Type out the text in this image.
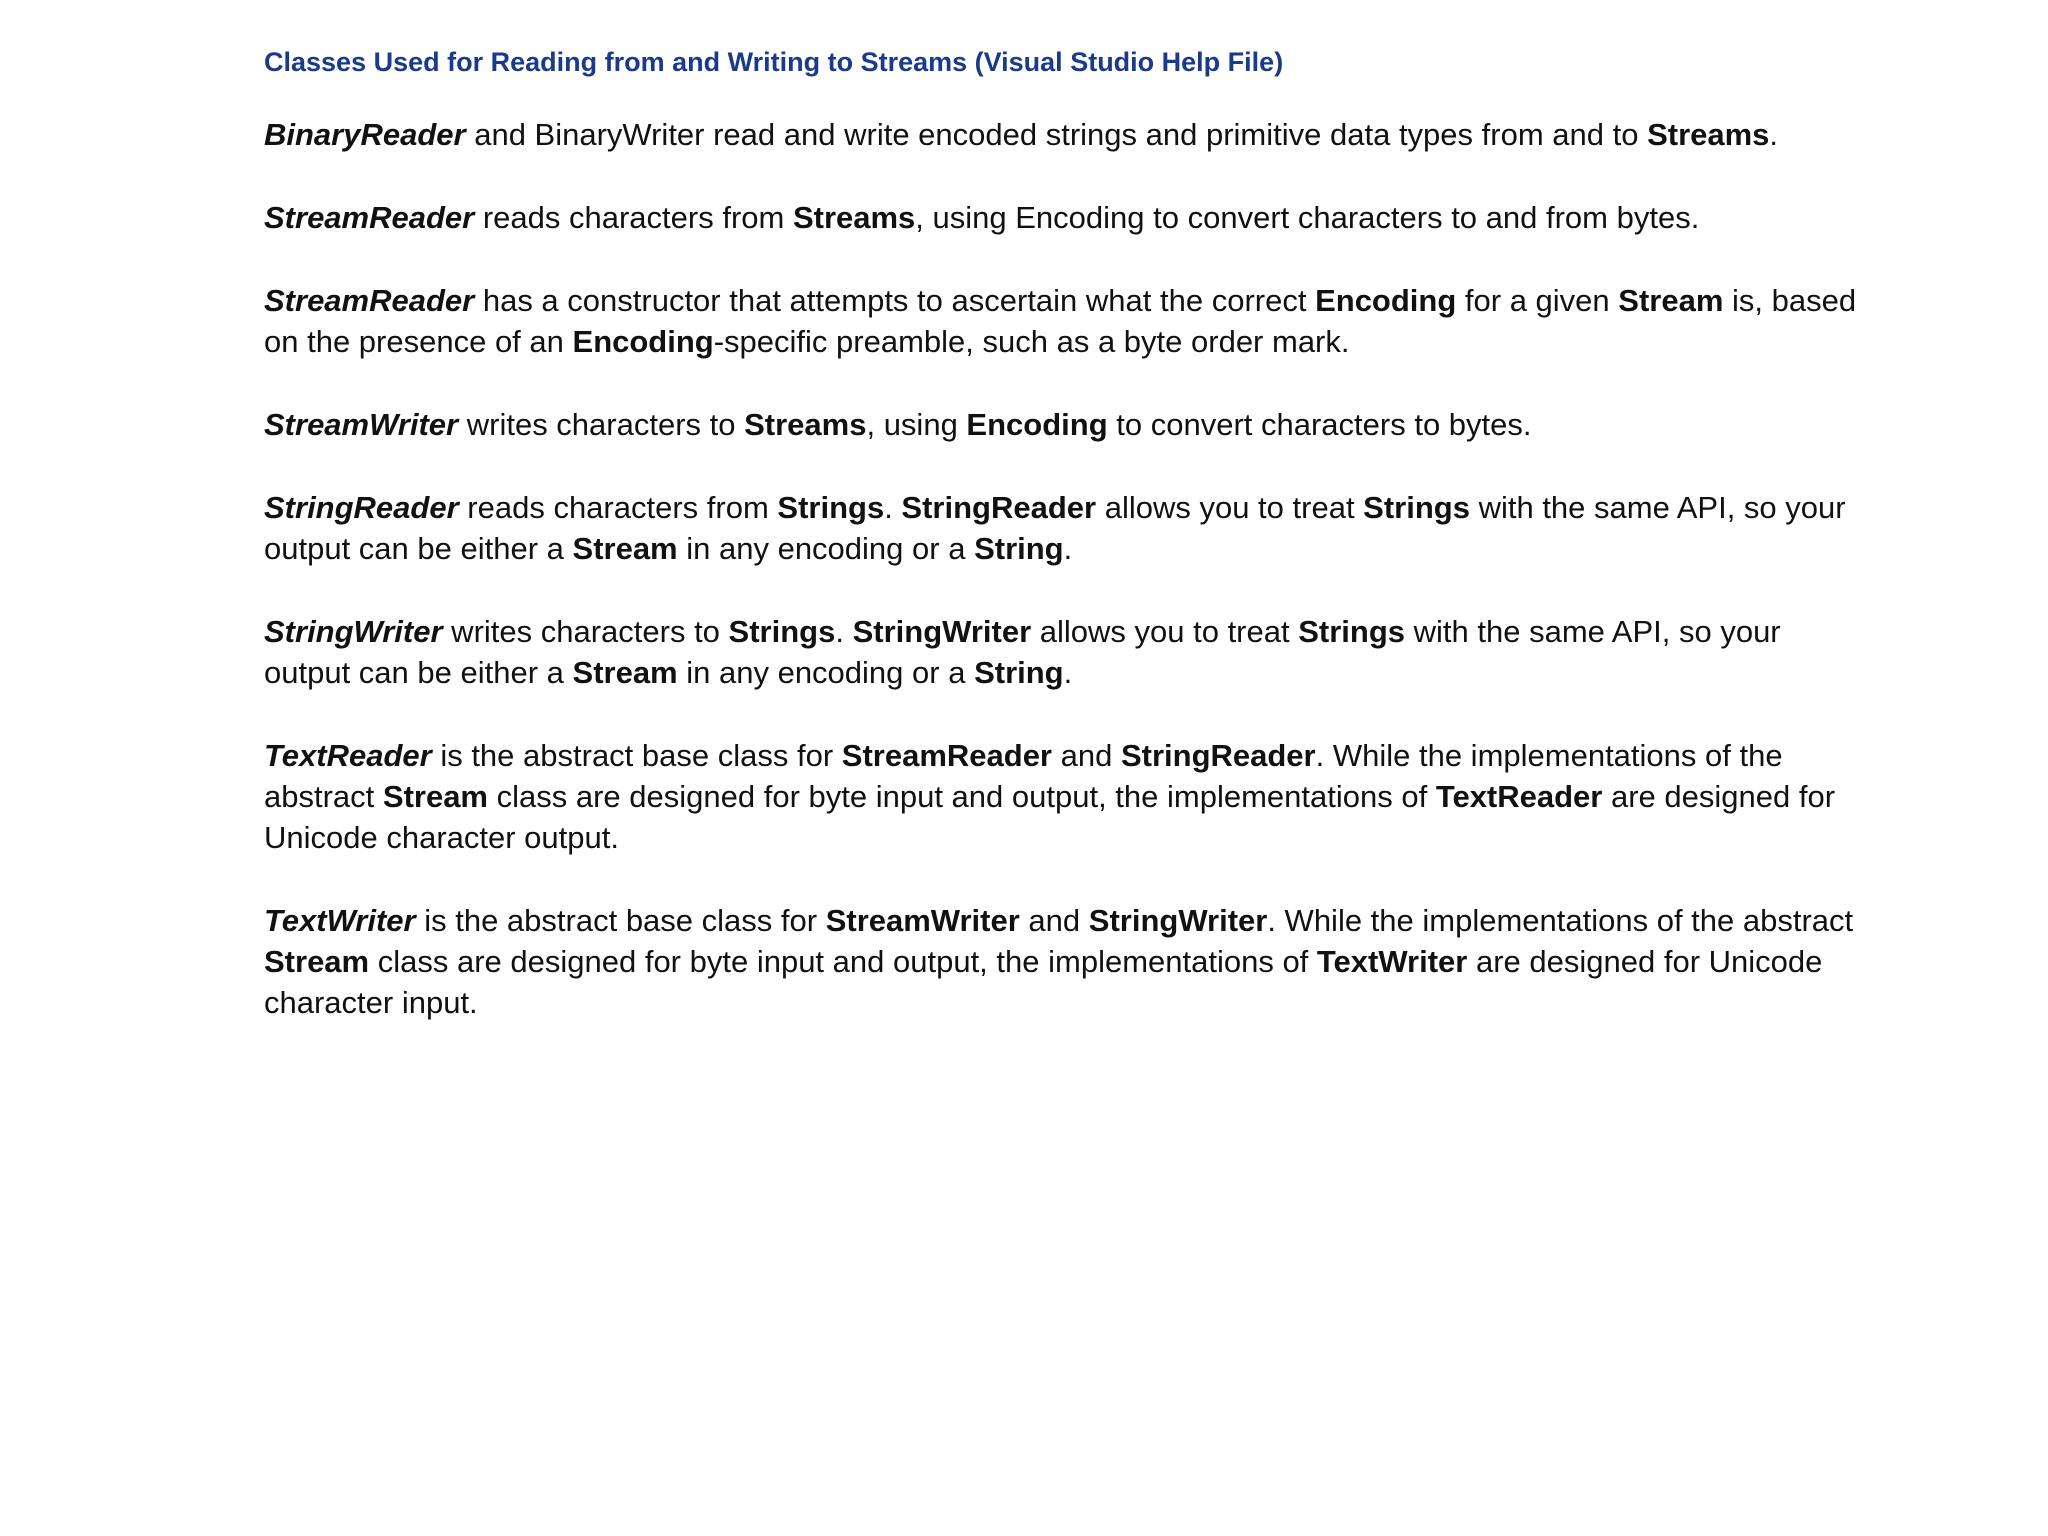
Classes Used for Reading from and Writing to Streams (Visual Studio Help File)

BinaryReader and BinaryWriter read and write encoded strings and primitive data types from and to Streams.

StreamReader reads characters from Streams, using Encoding to convert characters to and from bytes.

StreamReader has a constructor that attempts to ascertain what the correct Encoding for a given Stream is, based on the presence of an Encoding-specific preamble, such as a byte order mark.

StreamWriter writes characters to Streams, using Encoding to convert characters to bytes.

StringReader reads characters from Strings. StringReader allows you to treat Strings with the same API, so your output can be either a Stream in any encoding or a String.

StringWriter writes characters to Strings. StringWriter allows you to treat Strings with the same API, so your output can be either a Stream in any encoding or a String.

TextReader is the abstract base class for StreamReader and StringReader. While the implementations of the abstract Stream class are designed for byte input and output, the implementations of TextReader are designed for Unicode character output.

TextWriter is the abstract base class for StreamWriter and StringWriter. While the implementations of the abstract Stream class are designed for byte input and output, the implementations of TextWriter are designed for Unicode character input.
